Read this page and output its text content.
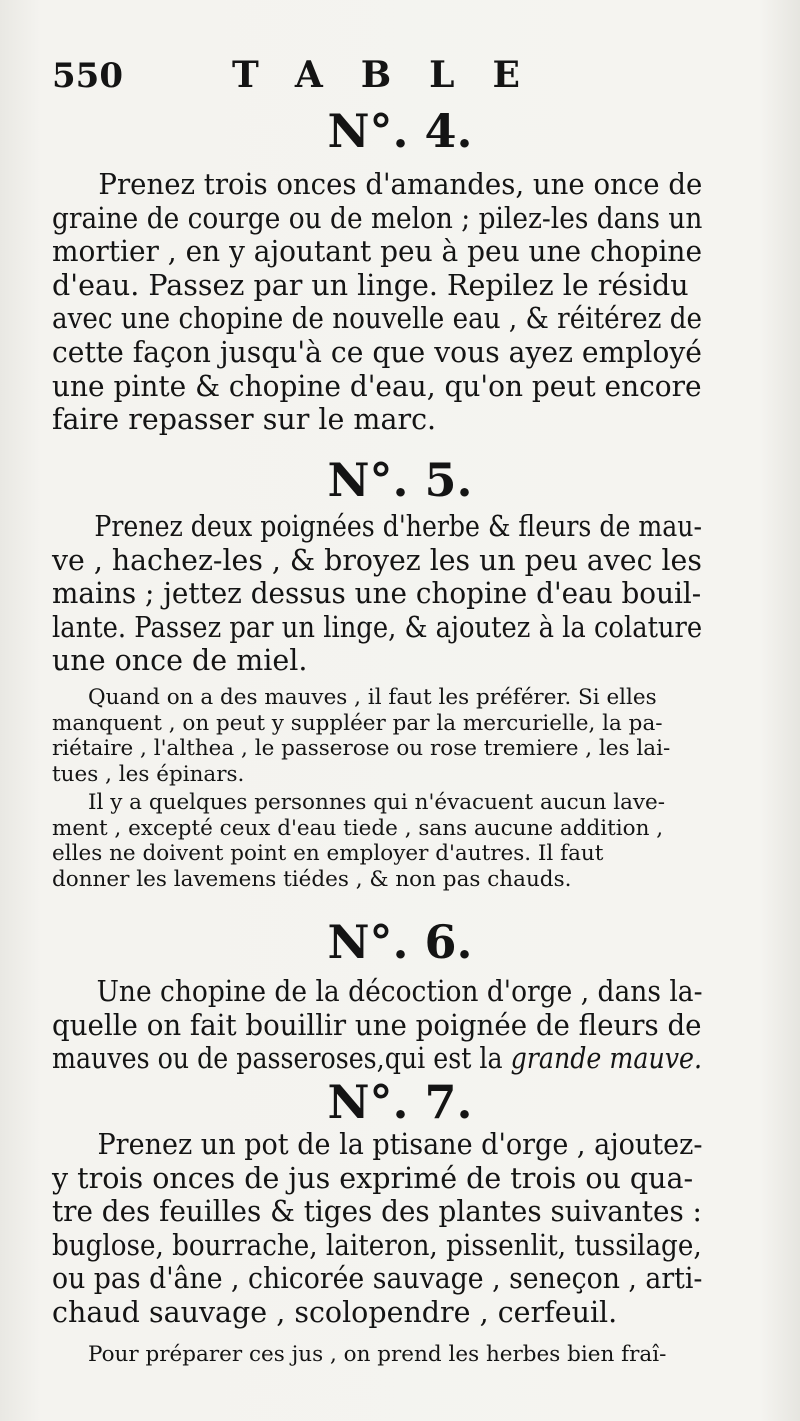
550	TABLE
N°. 4.
Prenez trois onces d'amandes, une once de
graine de courge ou de melon ; pilez-les dans un
mortier , en y ajoutant peu à peu une chopine
d'eau. Passez par un linge. Repilez le résidu
avec une chopine de nouvelle eau , & réitérez de
cette façon jusqu'à ce que vous ayez employé
une pinte & chopine d'eau, qu'on peut encore
faire repasser sur le marc.
N°. 5.
Prenez deux poignées d'herbe & fleurs de mau-
ve , hachez-les , & broyez les un peu avec les
mains ; jettez dessus une chopine d'eau bouil-
lante. Passez par un linge, & ajoutez à la colature
une once de miel.
Quand on a des mauves , il faut les préférer. Si elles
manquent , on peut y suppléer par la mercurielle, la pa-
riétaire , l'althea , le passerose ou rose tremiere , les lai-
tues , les épinars.
Il y a quelques personnes qui n'évacuent aucun lave-
ment , excepté ceux d'eau tiede , sans aucune addition ,
elles ne doivent point en employer d'autres. Il faut
donner les lavemens tiédes , & non pas chauds.
N°. 6.
Une chopine de la décoction d'orge , dans la-
quelle on fait bouillir une poignée de fleurs de
mauves ou de passeroses,qui est la grande mauve.
N°. 7.
Prenez un pot de la ptisane d'orge , ajoutez-
y trois onces de jus exprimé de trois ou qua-
tre des feuilles & tiges des plantes suivantes :
buglose, bourrache, laiteron, pissenlit, tussilage,
ou pas d'âne , chicorée sauvage , seneçon , arti-
chaud sauvage , scolopendre , cerfeuil.
Pour préparer ces jus , on prend les herbes bien fraî-
